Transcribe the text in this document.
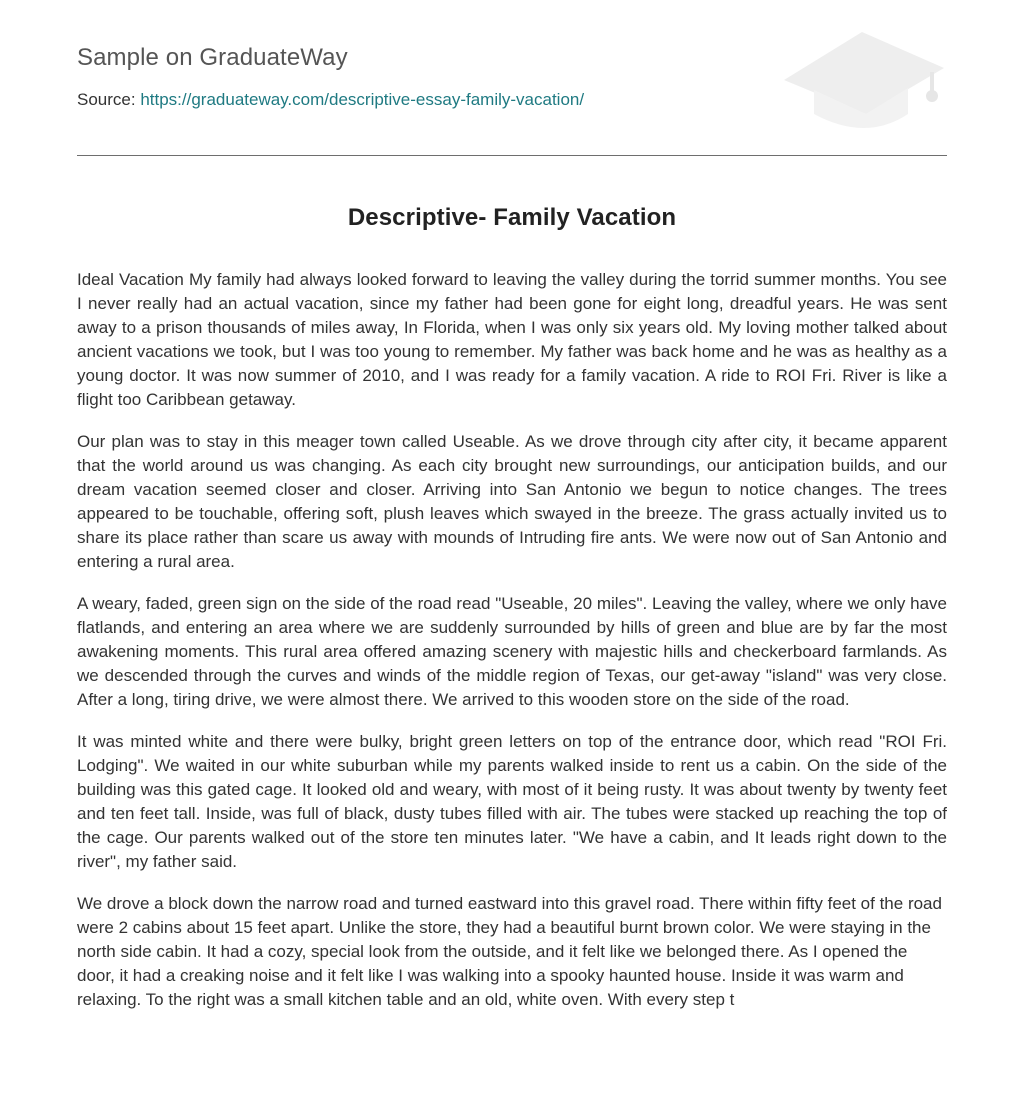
Sample on GraduateWay
Source: https://graduateway.com/descriptive-essay-family-vacation/
Descriptive- Family Vacation

Ideal Vacation My family had always looked forward to leaving the valley during the torrid summer months. You see I never really had an actual vacation, since my father had been gone for eight long, dreadful years. He was sent away to a prison thousands of miles away, In Florida, when I was only six years old. My loving mother talked about ancient vacations we took, but I was too young to remember. My father was back home and he was as healthy as a young doctor. It was now summer of 2010, and I was ready for a family vacation. A ride to ROI Fri. River is like a flight too Caribbean getaway.

Our plan was to stay in this meager town called Useable. As we drove through city after city, it became apparent that the world around us was changing. As each city brought new surroundings, our anticipation builds, and our dream vacation seemed closer and closer. Arriving into San Antonio we begun to notice changes. The trees appeared to be touchable, offering soft, plush leaves which swayed in the breeze. The grass actually invited us to share its place rather than scare us away with mounds of Intruding fire ants. We were now out of San Antonio and entering a rural area.

A weary, faded, green sign on the side of the road read "Useable, 20 miles". Leaving the valley, where we only have flatlands, and entering an area where we are suddenly surrounded by hills of green and blue are by far the most awakening moments. This rural area offered amazing scenery with majestic hills and checkerboard farmlands. As we descended through the curves and winds of the middle region of Texas, our get-away "island" was very close. After a long, tiring drive, we were almost there. We arrived to this wooden store on the side of the road.

It was minted white and there were bulky, bright green letters on top of the entrance door, which read "ROI Fri. Lodging". We waited in our white suburban while my parents walked inside to rent us a cabin. On the side of the building was this gated cage. It looked old and weary, with most of it being rusty. It was about twenty by twenty feet and ten feet tall. Inside, was full of black, dusty tubes filled with air. The tubes were stacked up reaching the top of the cage. Our parents walked out of the store ten minutes later. "We have a cabin, and It leads right down to the river", my father said.

We drove a block down the narrow road and turned eastward into this gravel road. There within fifty feet of the road were 2 cabins about 15 feet apart. Unlike the store, they had a beautiful burnt brown color. We were staying in the north side cabin. It had a cozy, special look from the outside, and it felt like we belonged there. As I opened the door, it had a creaking noise and it felt like I was walking into a spooky haunted house. Inside it was warm and relaxing. To the right was a small kitchen table and an old, white oven. With every step t
